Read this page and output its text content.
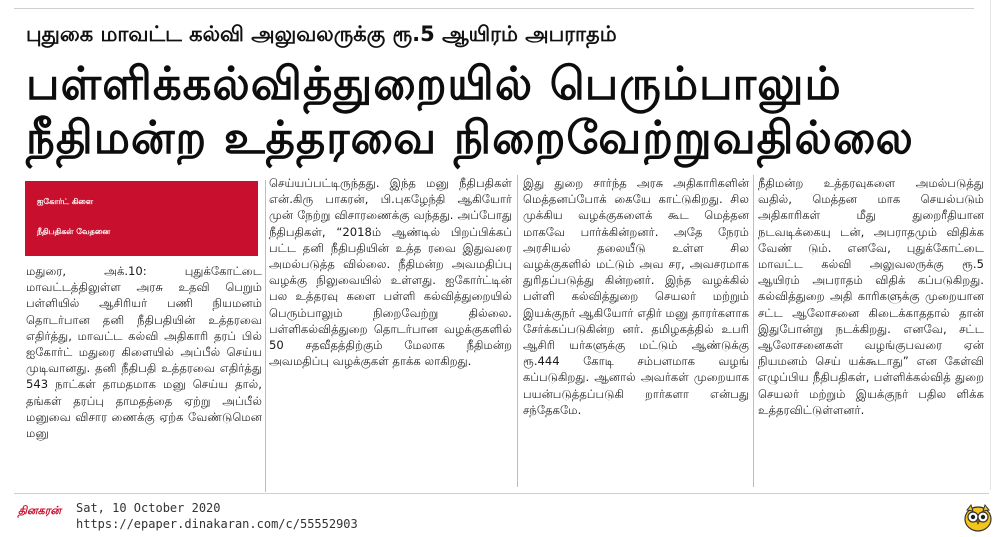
புதுகை மாவட்ட கல்வி அலுவலருக்கு ரூ.5 ஆயிரம் அபராதம்
பள்ளிக்கல்வித்துறையில் பெரும்பாலும்
நீதிமன்ற உத்தரவை நிறைவேற்றுவதில்லை
ஐகோர்ட் கிளை
நீதிபதிகள் வேதனை

மதுரை, அக்.10: புதுக்கோட்டை மாவட்டத்திலுள்ள அரசு உதவி பெறும் பள்ளியில் ஆசிரியர் பணி நியமனம் தொடர்பான தனி நீதிபதியின் உத்தரவை எதிர்த்து, மாவட்ட கல்வி அதிகாரி தரப் பில் ஐகோர்ட் மதுரை கிளையில் அப்பீல் செய்ய முடிவானது. தனி நீதிபதி உத்தரவை எதிர்த்து 543 நாட்கள் தாமதமாக மனு செய்ய தால், தங்கள் தரப்பு தாமதத்தை ஏற்று அப்பீல் மனுவை விசார ணைக்கு ஏற்க வேண்டுமென மனு

செய்யப்பட்டிருந்தது. இந்த மனு நீதிபதிகள் என்.கிரு பாகரன், பி.புகழேந்தி ஆகியோர் முன் நேற்று விசாரணைக்கு வந்தது. அப்போது நீதிபதிகள், “2018ம் ஆண்டில் பிறப்பிக்கப் பட்ட தனி நீதிபதியின் உத்த ரவை இதுவரை அமல்படுத்த வில்லை. நீதிமன்ற அவமதிப்பு வழக்கு நிலுவையில் உள்ளது. ஐகோர்ட்டின் பல உத்தரவு களை பள்ளி கல்வித்துறையில் பெரும்பாலும் நிறைவேற்று தில்லை. பள்ளிகல்வித்துறை தொடர்பான வழக்குகளில் 50 சதவீதத்திற்கும் மேலாக நீதிமன்ற அவமதிப்பு வழக்குகள் தாக்க லாகிறது.

இது துறை சார்ந்த அரசு அதிகாரிகளின் மெத்தனப்போக் கையே காட்டுகிறது. சில முக்கிய வழக்குகளைக் கூட மெத்தன மாகவே பார்க்கின்றனர். அதே நேரம் அரசியல் தலையீடு உள்ள சில வழக்குகளில் மட்டும் அவ சர, அவசரமாக துரிதப்படுத்து கின்றனர். இந்த வழக்கில் பள்ளி கல்வித்துறை செயலர் மற்றும் இயக்குநர் ஆகியோர் எதிர் மனு தாரர்களாக சேர்க்கப்படுகின்ற னர். தமிழகத்தில் உபரி ஆசிரி யர்களுக்கு மட்டும் ஆண்டுக்கு ரூ.444 கோடி சம்பளமாக வழங் கப்படுகிறது. ஆனால் அவர்கள் முறையாக பயன்படுத்தப்படுகி றார்களா என்பது சந்தேகமே.

நீதிமன்ற உத்தரவுகளை அமல்படுத்து வதில், மெத்தன மாக செயல்படும் அதிகாரிகள் மீது துறைரீதியான நடவடிக்கையு டன், அபராதமும் விதிக்க வேண் டும். எனவே, புதுக்கோட்டை மாவட்ட கல்வி அலுவலருக்கு ரூ.5 ஆயிரம் அபராதம் விதிக் கப்படுகிறது. கல்வித்துறை அதி காரிகளுக்கு முறையான சட்ட ஆலோசனை கிடைக்காததால் தான் இதுபோன்று நடக்கிறது. எனவே, சட்ட ஆலோசனைகள் வழங்குபவரை ஏன் நியமனம் செய் யக்கூடாது” என கேள்வி எழுப்பிய நீதிபதிகள், பள்ளிக்கல்வித் துறை செயலர் மற்றும் இயக்குநர் பதில ளிக்க உத்தரவிட்டுள்ளனர்.

தினகரன்	Sat, 10 October 2020
https://epaper.dinakaran.com/c/55552903
